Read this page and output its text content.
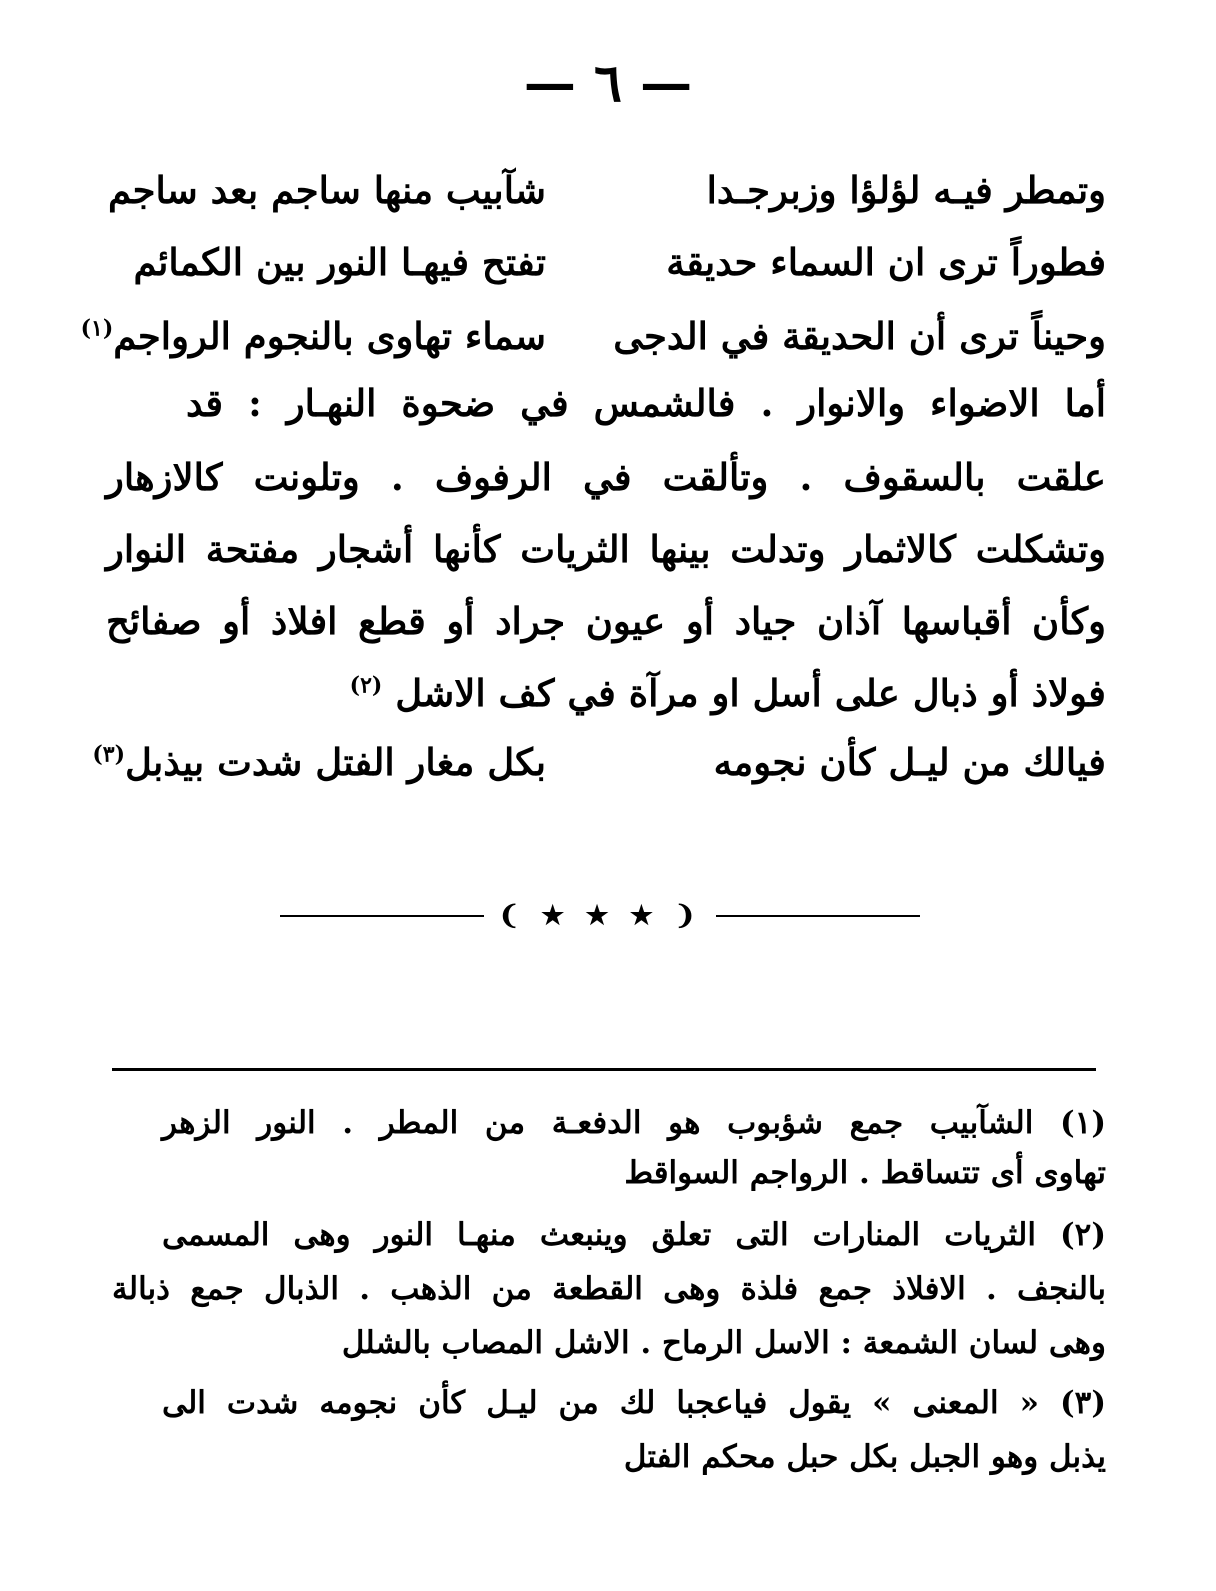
— ٦ —
وتمطر فيـه لؤلؤا وزبرجـدا
شآبيب منها ساجم بعد ساجم
فطوراً ترى ان السماء حديقة
تفتح فيهـا النور بين الكمائم
وحيناً ترى أن الحديقة في الدجى
سماء تهاوى بالنجوم الرواجم$^{(١)}$
أما الاضواء والانوار . فالشمس في ضحوة النهـار : قد
علقت بالسقوف . وتألقت في الرفوف . وتلونت كالازهار
وتشكلت كالاثمار وتدلت بينها الثريات كأنها أشجار مفتحة النوار
وكأن أقباسها آذان جياد أو عيون جراد أو قطع افلاذ أو صفائح
فولاذ أو ذبال على أسل او مرآة في كف الاشل $^{(٢)}$
فيالك من ليـل كأن نجومه
بكل مغار الفتل شدت بيذبل$^{(٣)}$
❨ ★ ★ ★ ❩
(١) الشآبيب جمع شؤبوب هو الدفعـة من المطر . النور الزهر
تهاوى أى تتساقط . الرواجم السواقط
(٢) الثريات المنارات التى تعلق وينبعث منهـا النور وهى المسمى
بالنجف . الافلاذ جمع فلذة وهى القطعة من الذهب . الذبال جمع ذبالة
وهى لسان الشمعة : الاسل الرماح . الاشل المصاب بالشلل
(٣) « المعنى » يقول فياعجبا لك من ليـل كأن نجومه شدت الى
يذبل وهو الجبل بكل حبل محكم الفتل
